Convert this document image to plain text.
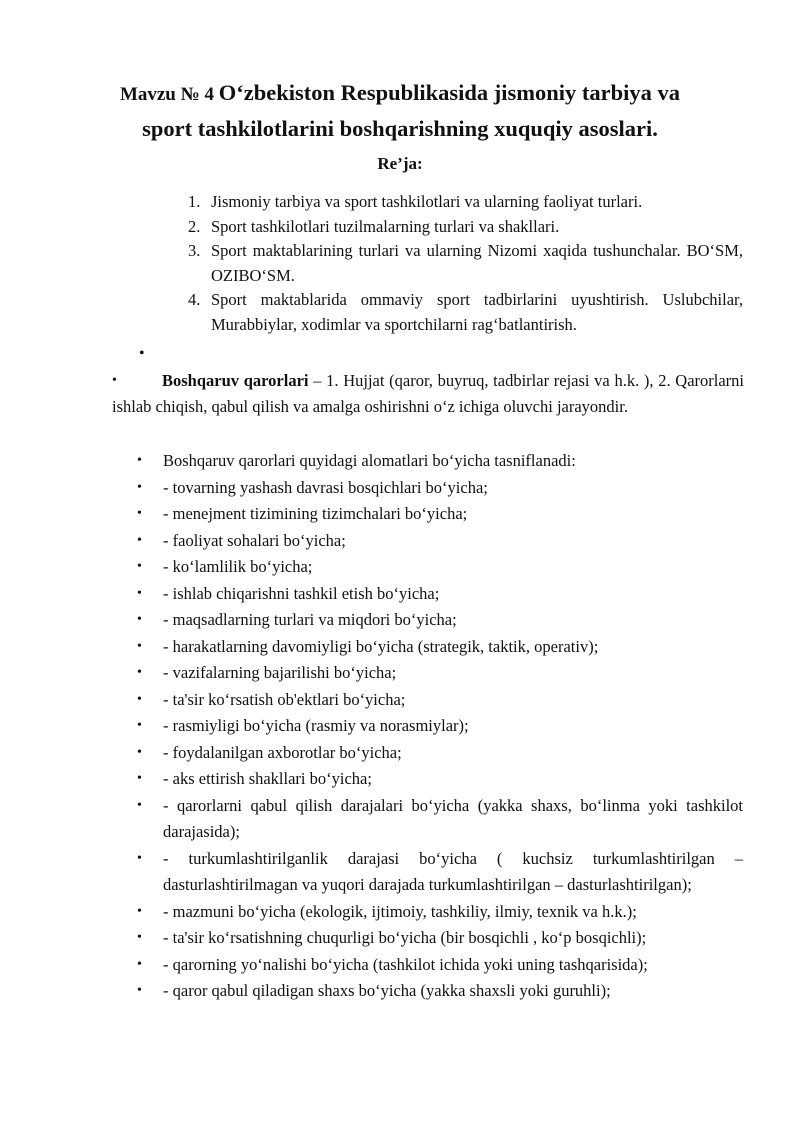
Mavzu № 4 O‘zbekiston Respublikasida jismoniy tarbiya va sport tashkilotlarini boshqarishning xuquqiy asoslari.
Re’ja:
1. Jismoniy tarbiya va sport tashkilotlari va ularning faoliyat turlari.
2. Sport tashkilotlari tuzilmalarning turlari va shakllari.
3. Sport maktablarining turlari va ularning Nizomi xaqida tushunchalar. BO‘SM, OZIBO‘SM.
4. Sport maktablarida ommaviy sport tadbirlarini uyushtirish. Uslubchilar, Murabbiylar, xodimlar va sportchilarni rag‘batlantirish.
•
•	Boshqaruv qarorlari – 1. Hujjat (qaror, buyruq, tadbirlar rejasi va h.k. ), 2. Qarorlarni ishlab chiqish, qabul qilish va amalga oshirishni o‘z ichiga oluvchi jarayondir.
•	Boshqaruv qarorlari quyidagi alomatlari bo‘yicha tasniflanadi:
•	- tovarning yashash davrasi bosqichlari bo‘yicha;
•	- menejment tizimining tizimchalari bo‘yicha;
•	- faoliyat sohalari bo‘yicha;
•	- ko‘lamlilik bo‘yicha;
•	- ishlab chiqarishni tashkil etish bo‘yicha;
•	- maqsadlarning turlari va miqdori bo‘yicha;
•	- harakatlarning davomiyligi bo‘yicha (strategik, taktik, operativ);
•	- vazifalarning bajarilishi bo‘yicha;
•	- ta'sir ko‘rsatish ob'ektlari bo‘yicha;
•	- rasmiyligi bo‘yicha (rasmiy va norasmiylar);
•	- foydalanilgan axborotlar bo‘yicha;
•	- aks ettirish shakllari bo‘yicha;
•	- qarorlarni qabul qilish darajalari bo‘yicha (yakka shaxs, bo‘linma yoki tashkilot darajasida);
•	- turkumlashtirilganlik darajasi bo‘yicha ( kuchsiz turkumlashtirilgan – dasturlashtirilmagan va yuqori darajada turkumlashtirilgan – dasturlashtirilgan);
•	- mazmuni bo‘yicha (ekologik, ijtimoiy, tashkiliy, ilmiy, texnik va h.k.);
•	- ta'sir ko‘rsatishning chuqurligi bo‘yicha (bir bosqichli , ko‘p bosqichli);
•	- qarorning yo‘nalishi bo‘yicha (tashkilot ichida yoki uning tashqarisida);
•	- qaror qabul qiladigan shaxs bo‘yicha (yakka shaxsli yoki guruhli);
